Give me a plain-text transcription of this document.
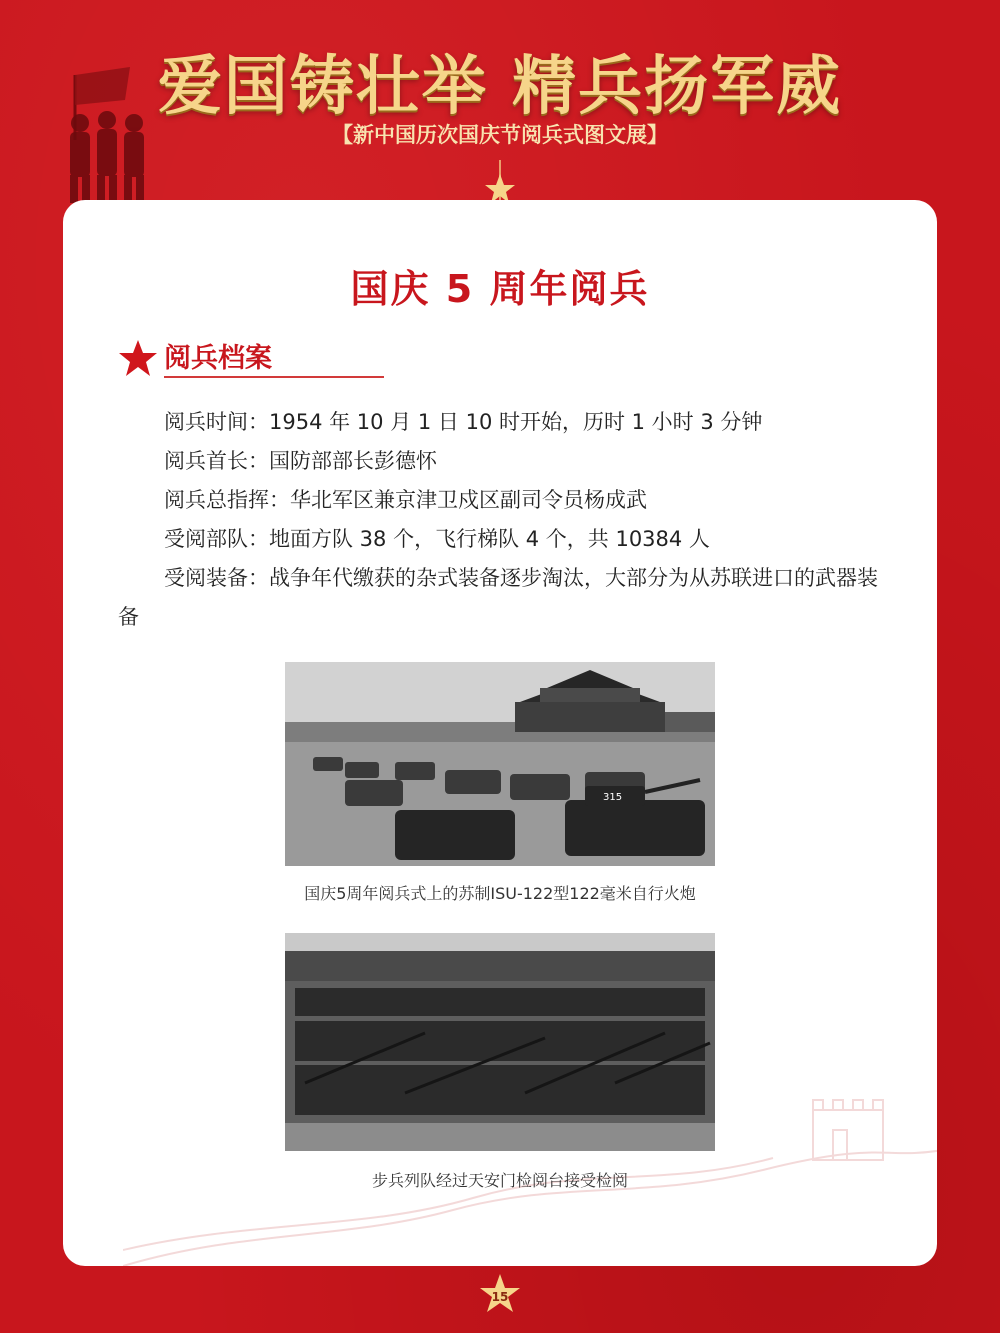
爱国铸壮举 精兵扬军威
【新中国历次国庆节阅兵式图文展】
国庆 5 周年阅兵
阅兵档案

阅兵时间：1954 年 10 月 1 日 10 时开始，历时 1 小时 3 分钟

阅兵首长：国防部部长彭德怀

阅兵总指挥：华北军区兼京津卫戍区副司令员杨成武

受阅部队：地面方队 38 个，飞行梯队 4 个，共 10384 人

受阅装备：战争年代缴获的杂式装备逐步淘汰，大部分为从苏联进口的武器装备

315
国庆5周年阅兵式上的苏制ISU-122型122毫米自行火炮
步兵列队经过天安门检阅台接受检阅
15
